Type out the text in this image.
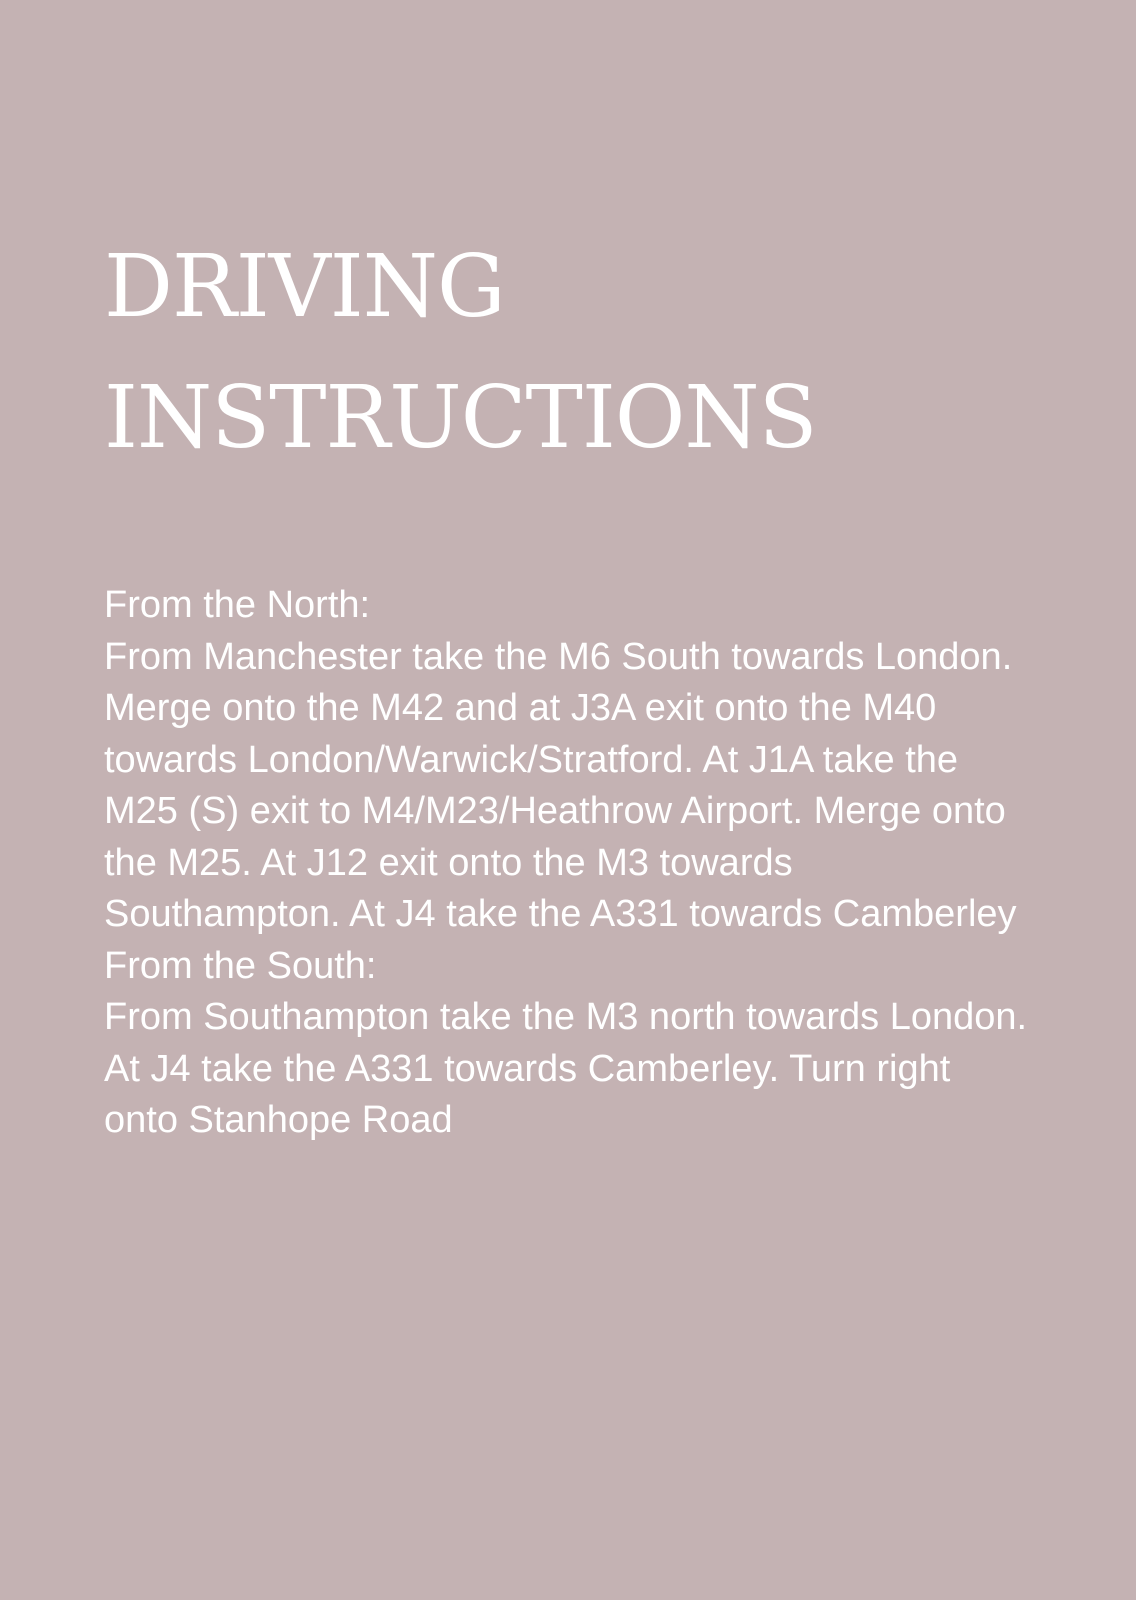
DRIVING
INSTRUCTIONS

From the North:

From Manchester take the M6 South towards London. Merge onto the M42 and at J3A exit onto the M40 towards London/Warwick/Stratford. At J1A take the M25 (S) exit to M4/M23/Heathrow Airport. Merge onto the M25. At J12 exit onto the M3 towards Southampton. At J4 take the A331 towards Camberley

From the South:

From Southampton take the M3 north towards London. At J4 take the A331 towards Camberley. Turn right onto Stanhope Road
